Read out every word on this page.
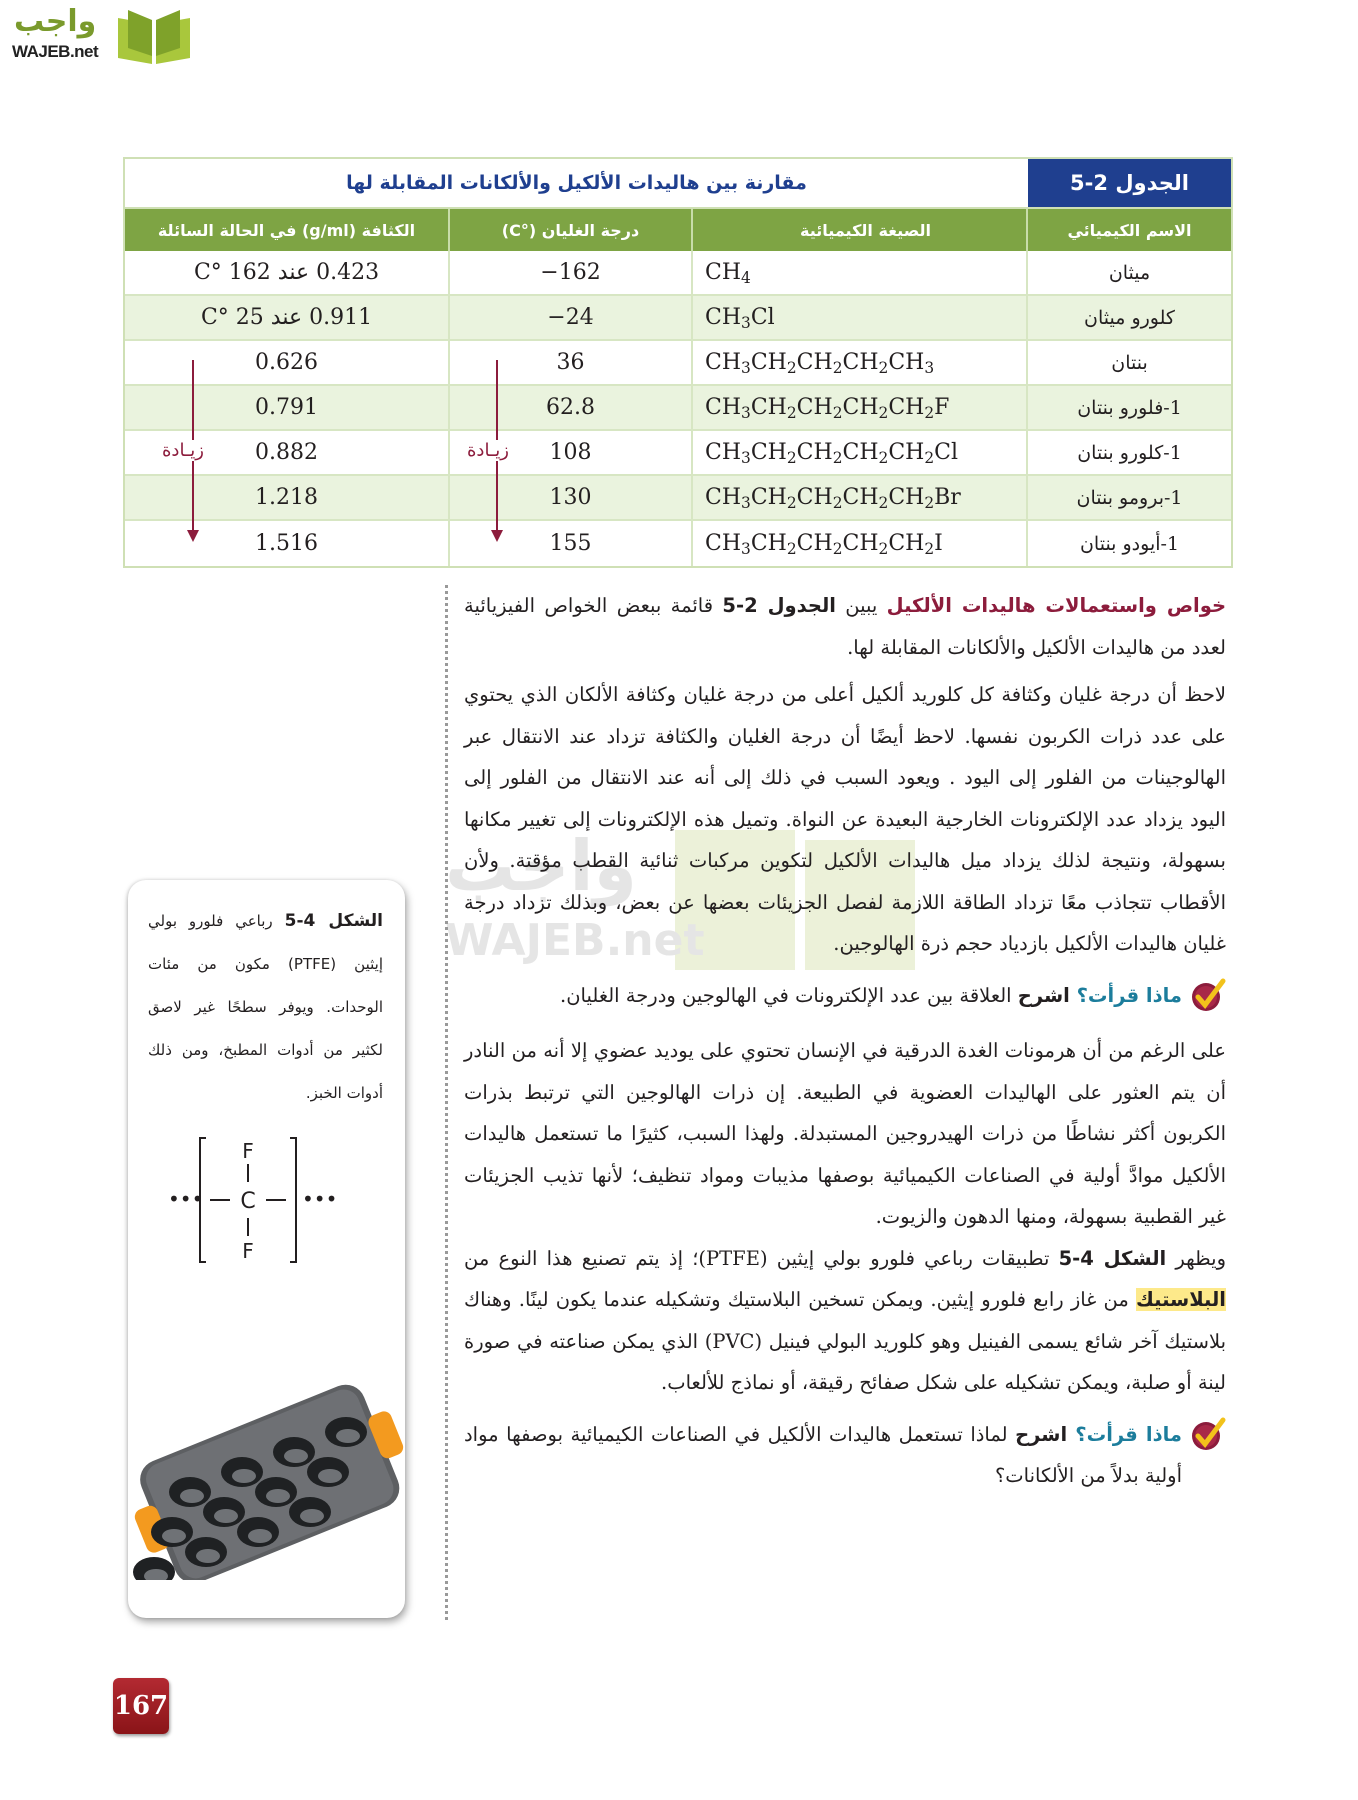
واجب
WAJEB.net
الجدول 2-5
مقارنة بين هاليدات الألكيل والألكانات المقابلة لها
الاسم الكيميائي
الصيغة الكيميائية
درجة الغليان (°C)
الكثافة (g/ml) في الحالة السائلة
ميثان
$CH_4$
−162
0.423 عند 162 °C
كلورو ميثان
$CH_3Cl$
−24
0.911 عند 25 °C
بنتان
$CH_3CH_2CH_2CH_2CH_3$
36
0.626
1-فلورو بنتان
$CH_3CH_2CH_2CH_2CH_2F$
62.8
0.791
1-كلورو بنتان
$CH_3CH_2CH_2CH_2CH_2Cl$
108
0.882
1-برومو بنتان
$CH_3CH_2CH_2CH_2CH_2Br$
130
1.218
1-أيودو بنتان
$CH_3CH_2CH_2CH_2CH_2I$
155
1.516
زيـادة	زيـادة
واجب
WAJEB.net

خواص واستعمالات هاليدات الألكيل يبين الجدول 2-5 قائمة ببعض الخواص الفيزيائية لعدد من هاليدات الألكيل والألكانات المقابلة لها.

لاحظ أن درجة غليان وكثافة كل كلوريد ألكيل أعلى من درجة غليان وكثافة الألكان الذي يحتوي على عدد ذرات الكربون نفسها. لاحظ أيضًا أن درجة الغليان والكثافة تزداد عند الانتقال عبر الهالوجينات من الفلور إلى اليود . ويعود السبب في ذلك إلى أنه عند الانتقال من الفلور إلى اليود يزداد عدد الإلكترونات الخارجية البعيدة عن النواة. وتميل هذه الإلكترونات إلى تغيير مكانها بسهولة، ونتيجة لذلك يزداد ميل هاليدات الألكيل لتكوين مركبات ثنائية القطب مؤقتة. ولأن الأقطاب تتجاذب معًا تزداد الطاقة اللازمة لفصل الجزيئات بعضها عن بعض، وبذلك تزداد درجة غليان هاليدات الألكيل بازدياد حجم ذرة الهالوجين.

ماذا قرأت؟ اشرح العلاقة بين عدد الإلكترونات في الهالوجين ودرجة الغليان.

على الرغم من أن هرمونات الغدة الدرقية في الإنسان تحتوي على يوديد عضوي إلا أنه من النادر أن يتم العثور على الهاليدات العضوية في الطبيعة. إن ذرات الهالوجين التي ترتبط بذرات الكربون أكثر نشاطًا من ذرات الهيدروجين المستبدلة. ولهذا السبب، كثيرًا ما تستعمل هاليدات الألكيل موادَّ أولية في الصناعات الكيميائية بوصفها مذيبات ومواد تنظيف؛ لأنها تذيب الجزيئات غير القطبية بسهولة، ومنها الدهون والزيوت.

ويظهر الشكل 4-5 تطبيقات رباعي فلورو بولي إيثين (PTFE)؛ إذ يتم تصنيع هذا النوع من البلاستيك من غاز رابع فلورو إيثين. ويمكن تسخين البلاستيك وتشكيله عندما يكون لينًا. وهناك بلاستيك آخر شائع يسمى الفينيل وهو كلوريد البولي فينيل (PVC) الذي يمكن صناعته في صورة لينة أو صلبة، ويمكن تشكيله على شكل صفائح رقيقة، أو نماذج للألعاب.

ماذا قرأت؟ اشرح لماذا تستعمل هاليدات الألكيل في الصناعات الكيميائية بوصفها مواد أولية بدلاً من الألكانات؟
الشكل 4-5 رباعي فلورو بولي إيثين (PTFE) مكون من مئات الوحدات. ويوفر سطحًا غير لاصق لكثير من أدوات المطبخ، ومن ذلك أدوات الخبز.
•••
F
C
F
•••
167
